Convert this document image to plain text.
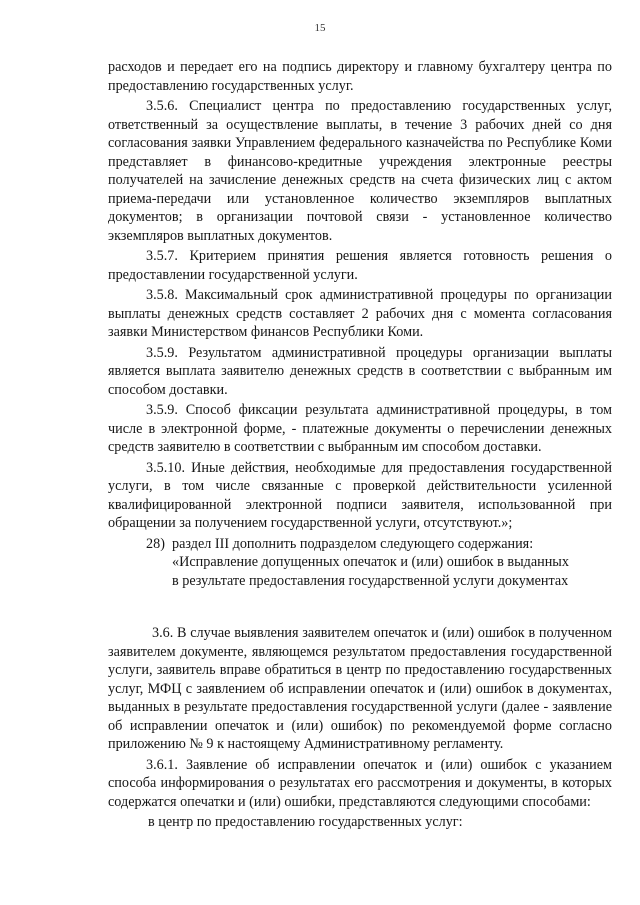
15

расходов и передает его на подпись директору и главному бухгалтеру центра по предоставлению государственных услуг.

3.5.6. Специалист центра по предоставлению государственных услуг, ответственный за осуществление выплаты, в течение 3 рабочих дней со дня согласования заявки Управлением федерального казначейства по Республике Коми представляет в финансово-кредитные учреждения электронные реестры получателей на зачисление денежных средств на счета физических лиц с актом приема-передачи или установленное количество экземпляров выплатных документов; в организации почтовой связи - установленное количество экземпляров выплатных документов.

3.5.7. Критерием принятия решения является готовность решения о предоставлении государственной услуги.

3.5.8. Максимальный срок административной процедуры по организации выплаты денежных средств составляет 2 рабочих дня с момента согласования заявки Министерством финансов Республики Коми.

3.5.9. Результатом административной процедуры организации выплаты является выплата заявителю денежных средств в соответствии с выбранным им способом доставки.

3.5.9. Способ фиксации результата административной процедуры, в том числе в электронной форме, - платежные документы о перечислении денежных средств заявителю в соответствии с выбранным им способом доставки.

3.5.10. Иные действия, необходимые для предоставления государственной услуги, в том числе связанные с проверкой действительности усиленной квалифицированной электронной подписи заявителя, использованной при обращении за получением государственной услуги, отсутствуют.»;

28) раздел III дополнить подразделом следующего содержания:

«Исправление допущенных опечаток и (или) ошибок в выданных

в результате предоставления государственной услуги документах

3.6. В случае выявления заявителем опечаток и (или) ошибок в полученном заявителем документе, являющемся результатом предоставления государственной услуги, заявитель вправе обратиться в центр по предоставлению государственных услуг, МФЦ с заявлением об исправлении опечаток и (или) ошибок в документах, выданных в результате предоставления государственной услуги (далее - заявление об исправлении опечаток и (или) ошибок) по рекомендуемой форме согласно приложению № 9 к настоящему Административному регламенту.

3.6.1. Заявление об исправлении опечаток и (или) ошибок с указанием способа информирования о результатах его рассмотрения и документы, в которых содержатся опечатки и (или) ошибки, представляются следующими способами:

в центр по предоставлению государственных услуг:
